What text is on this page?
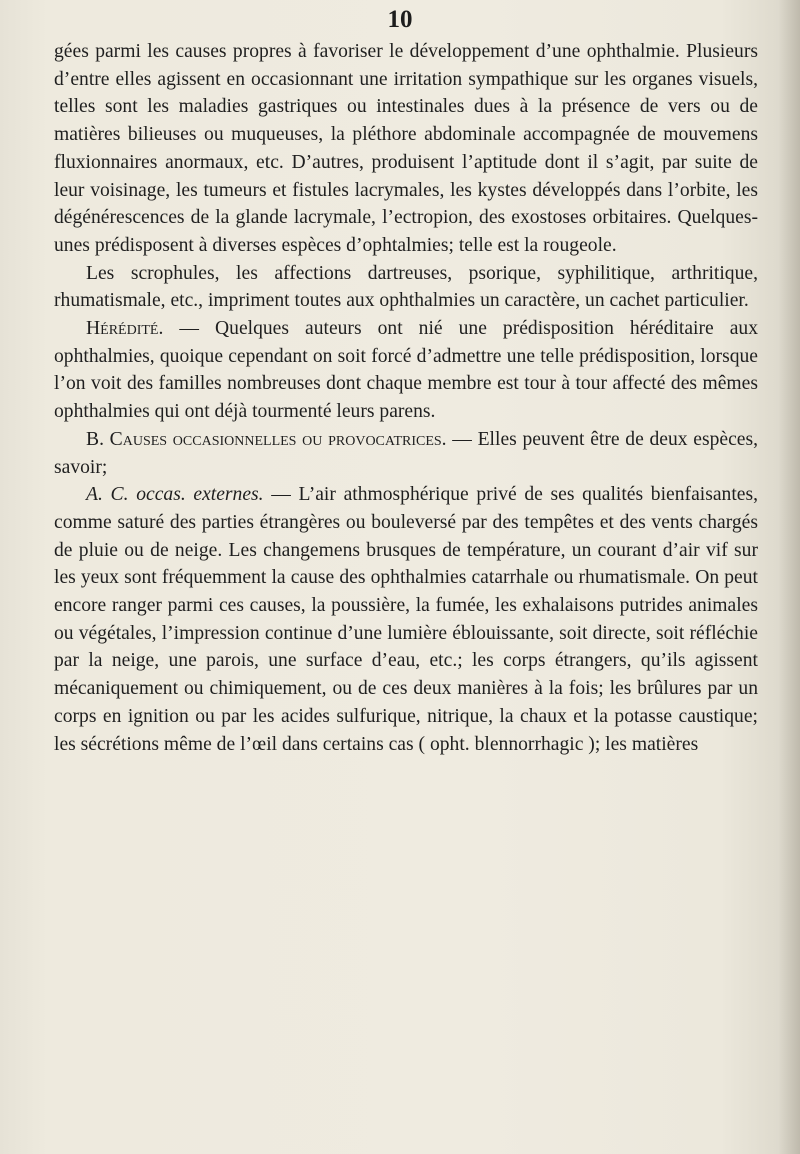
10

gées parmi les causes propres à favoriser le développement d’une ophthalmie. Plusieurs d’entre elles agissent en occasionnant une irritation sympathique sur les organes visuels, telles sont les maladies gastriques ou intestinales dues à la présence de vers ou de matières bilieuses ou muqueuses, la pléthore abdominale accompagnée de mouvemens fluxionnaires anormaux, etc. D’autres, produisent l’aptitude dont il s’agit, par suite de leur voisinage, les tumeurs et fistules lacrymales, les kystes développés dans l’orbite, les dégénérescences de la glande lacrymale, l’ectropion, des exostoses orbitaires. Quelques-unes prédisposent à diverses espèces d’ophtalmies; telle est la rougeole.

Les scrophules, les affections dartreuses, psorique, syphilitique, arthritique, rhumatismale, etc., impriment toutes aux ophthalmies un caractère, un cachet particulier.

Hérédité. — Quelques auteurs ont nié une prédisposition héréditaire aux ophthalmies, quoique cependant on soit forcé d’admettre une telle prédisposition, lorsque l’on voit des familles nombreuses dont chaque membre est tour à tour affecté des mêmes ophthalmies qui ont déjà tourmenté leurs parens.

B. Causes occasionnelles ou provocatrices. — Elles peuvent être de deux espèces, savoir;

A. C. occas. externes. — L’air athmosphérique privé de ses qualités bienfaisantes, comme saturé des parties étrangères ou bouleversé par des tempêtes et des vents chargés de pluie ou de neige. Les changemens brusques de température, un courant d’air vif sur les yeux sont fréquemment la cause des ophthalmies catarrhale ou rhumatismale. On peut encore ranger parmi ces causes, la poussière, la fumée, les exhalaisons putrides animales ou végétales, l’impression continue d’une lumière éblouissante, soit directe, soit réfléchie par la neige, une parois, une surface d’eau, etc.; les corps étrangers, qu’ils agissent mécaniquement ou chimiquement, ou de ces deux manières à la fois; les brûlures par un corps en ignition ou par les acides sulfurique, nitrique, la chaux et la potasse caustique; les sécrétions même de l’œil dans certains cas ( opht. blennorrhagic ); les matières
